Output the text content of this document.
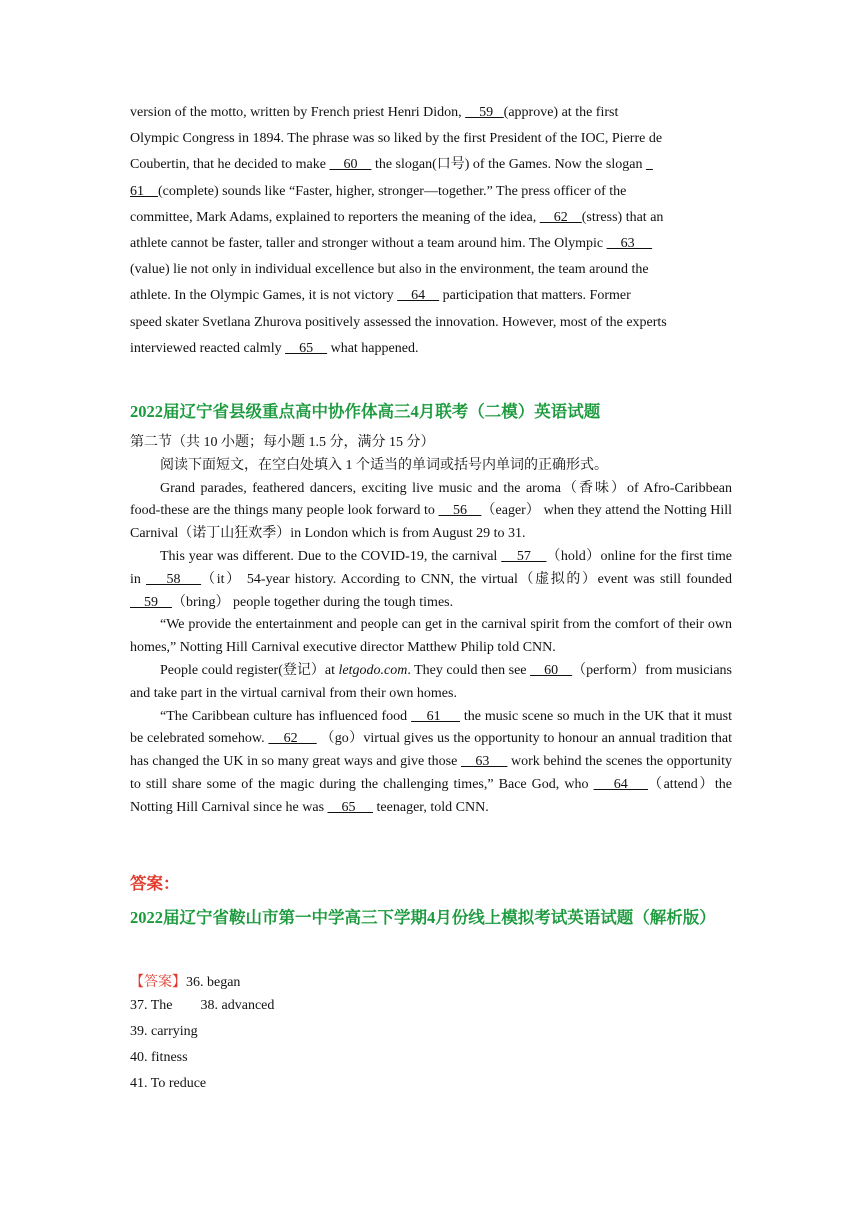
version of the motto, written by French priest Henri Didon,     59   (approve) at the first
Olympic Congress in 1894. The phrase was so liked by the first President of the IOC, Pierre de
Coubertin, that he decided to make     60     the slogan(口号) of the Games. Now the slogan
61    (complete) sounds like “Faster, higher, stronger—together.” The press officer of the
committee, Mark Adams, explained to reporters the meaning of the idea,     62    (stress) that an
athlete cannot be faster, taller and stronger without a team around him. The Olympic     63
(value) lie not only in individual excellence but also in the environment, the team around the
athlete. In the Olympic Games, it is not victory     64     participation that matters. Former
speed skater Svetlana Zhurova positively assessed the innovation. However, most of the experts
interviewed reacted calmly     65     what happened.
2022届辽宁省县级重点高中协作体高三4月联考（二模）英语试题

第二节（共 10 小题；每小题 1.5 分，满分 15 分）

阅读下面短文，在空白处填入 1 个适当的单词或括号内单词的正确形式。

Grand parades, feathered dancers, exciting live music and the aroma（香味）of Afro-Caribbean food-these are the things many people look forward to     56    （eager） when they attend the Notting Hill Carnival（诺丁山狂欢季）in London which is from August 29 to 31.

This year was different. Due to the COVID-19, the carnival     57    （hold）online for the first time in     58    （it） 54-year history. According to CNN, the virtual（虚拟的）event was still founded     59    （bring） people together during the tough times.

“We provide the entertainment and people can get in the carnival spirit from the comfort of their own homes,” Notting Hill Carnival executive director Matthew Philip told CNN.

People could register(登记）at letgodo.com. They could then see     60    （perform）from musicians and take part in the virtual carnival from their own homes.

“The Caribbean culture has influenced food     61      the music scene so much in the UK that it must be celebrated somehow.     62      （go）virtual gives us the opportunity to honour an annual tradition that has changed the UK in so many great ways and give those     63      work behind the scenes the opportunity to still share some of the magic during the challenging times,” Bace God, who     64    （attend）the Notting Hill Carnival since he was     65      teenager, told CNN.

答案：
2022届辽宁省鞍山市第一中学高三下学期4月份线上模拟考试英语试题（解析版）
【答案】36. began
37. The        38. advanced
39. carrying
40. fitness
41. To reduce
